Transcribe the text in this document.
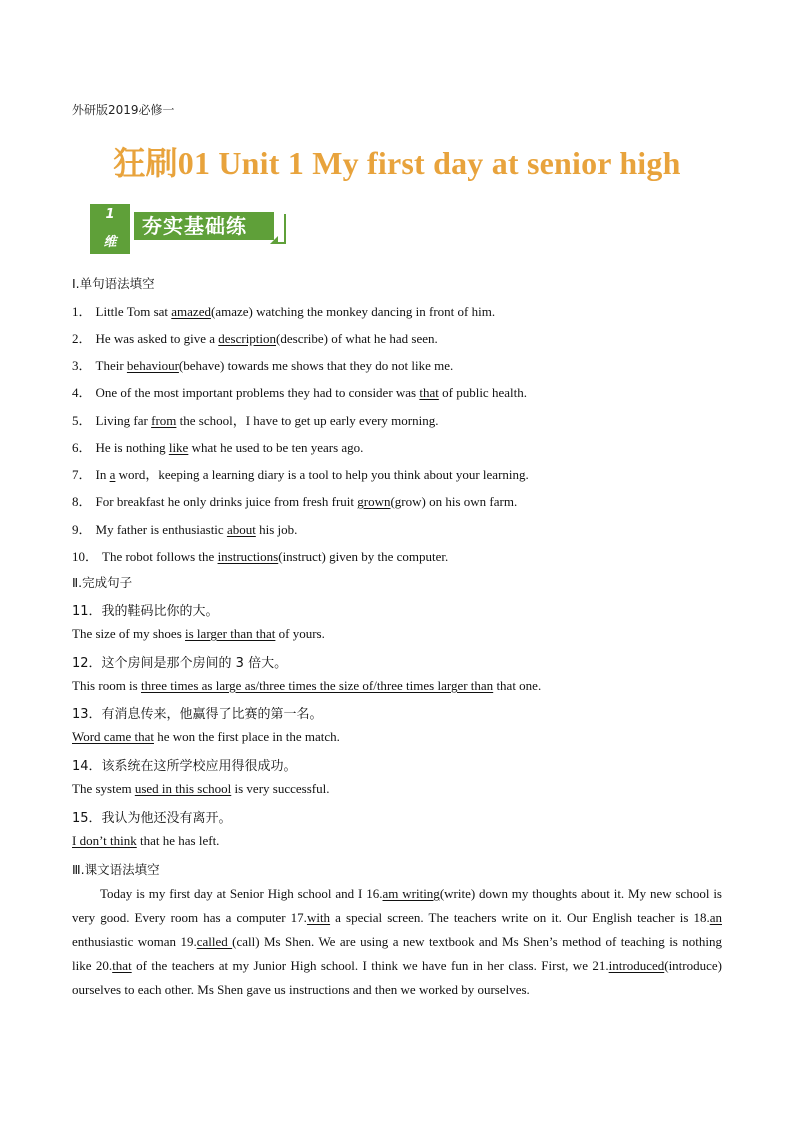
外研版2019必修一
狂刷01 Unit 1 My first day at senior high
1
维
夯实基础练
Ⅰ.单句语法填空
1． Little Tom sat amazed(amaze) watching the monkey dancing in front of him.
2． He was asked to give a description(describe) of what he had seen.
3． Their behaviour(behave) towards me shows that they do not like me.
4． One of the most important problems they had to consider was that of public health.
5． Living far from the school，I have to get up early every morning.
6． He is nothing like what he used to be ten years ago.
7． In a word，keeping a learning diary is a tool to help you think about your learning.
8． For breakfast he only drinks juice from fresh fruit grown(grow) on his own farm.
9． My father is enthusiastic about his job.
10． The robot follows the instructions(instruct) given by the computer.
Ⅱ.完成句子
11．我的鞋码比你的大。
The size of my shoes is larger than that of yours.
12．这个房间是那个房间的 3 倍大。
This room is three times as large as/three times the size of/three times larger than that one.
13．有消息传来，他赢得了比赛的第一名。
Word came that he won the first place in the match.
14．该系统在这所学校应用得很成功。
The system used in this school is very successful.
15．我认为他还没有离开。
I don’t think that he has left.
Ⅲ.课文语法填空
Today is my first day at Senior High school and I 16.am writing(write) down my thoughts about it. My new school is very good. Every room has a computer 17.with a special screen. The teachers write on it. Our English teacher is 18.an enthusiastic woman 19.called (call) Ms Shen. We are using a new textbook and Ms Shen’s method of teaching is nothing like 20.that of the teachers at my Junior High school. I think we have fun in her class. First, we 21.introduced(introduce) ourselves to each other. Ms Shen gave us instructions and then we worked by ourselves.
